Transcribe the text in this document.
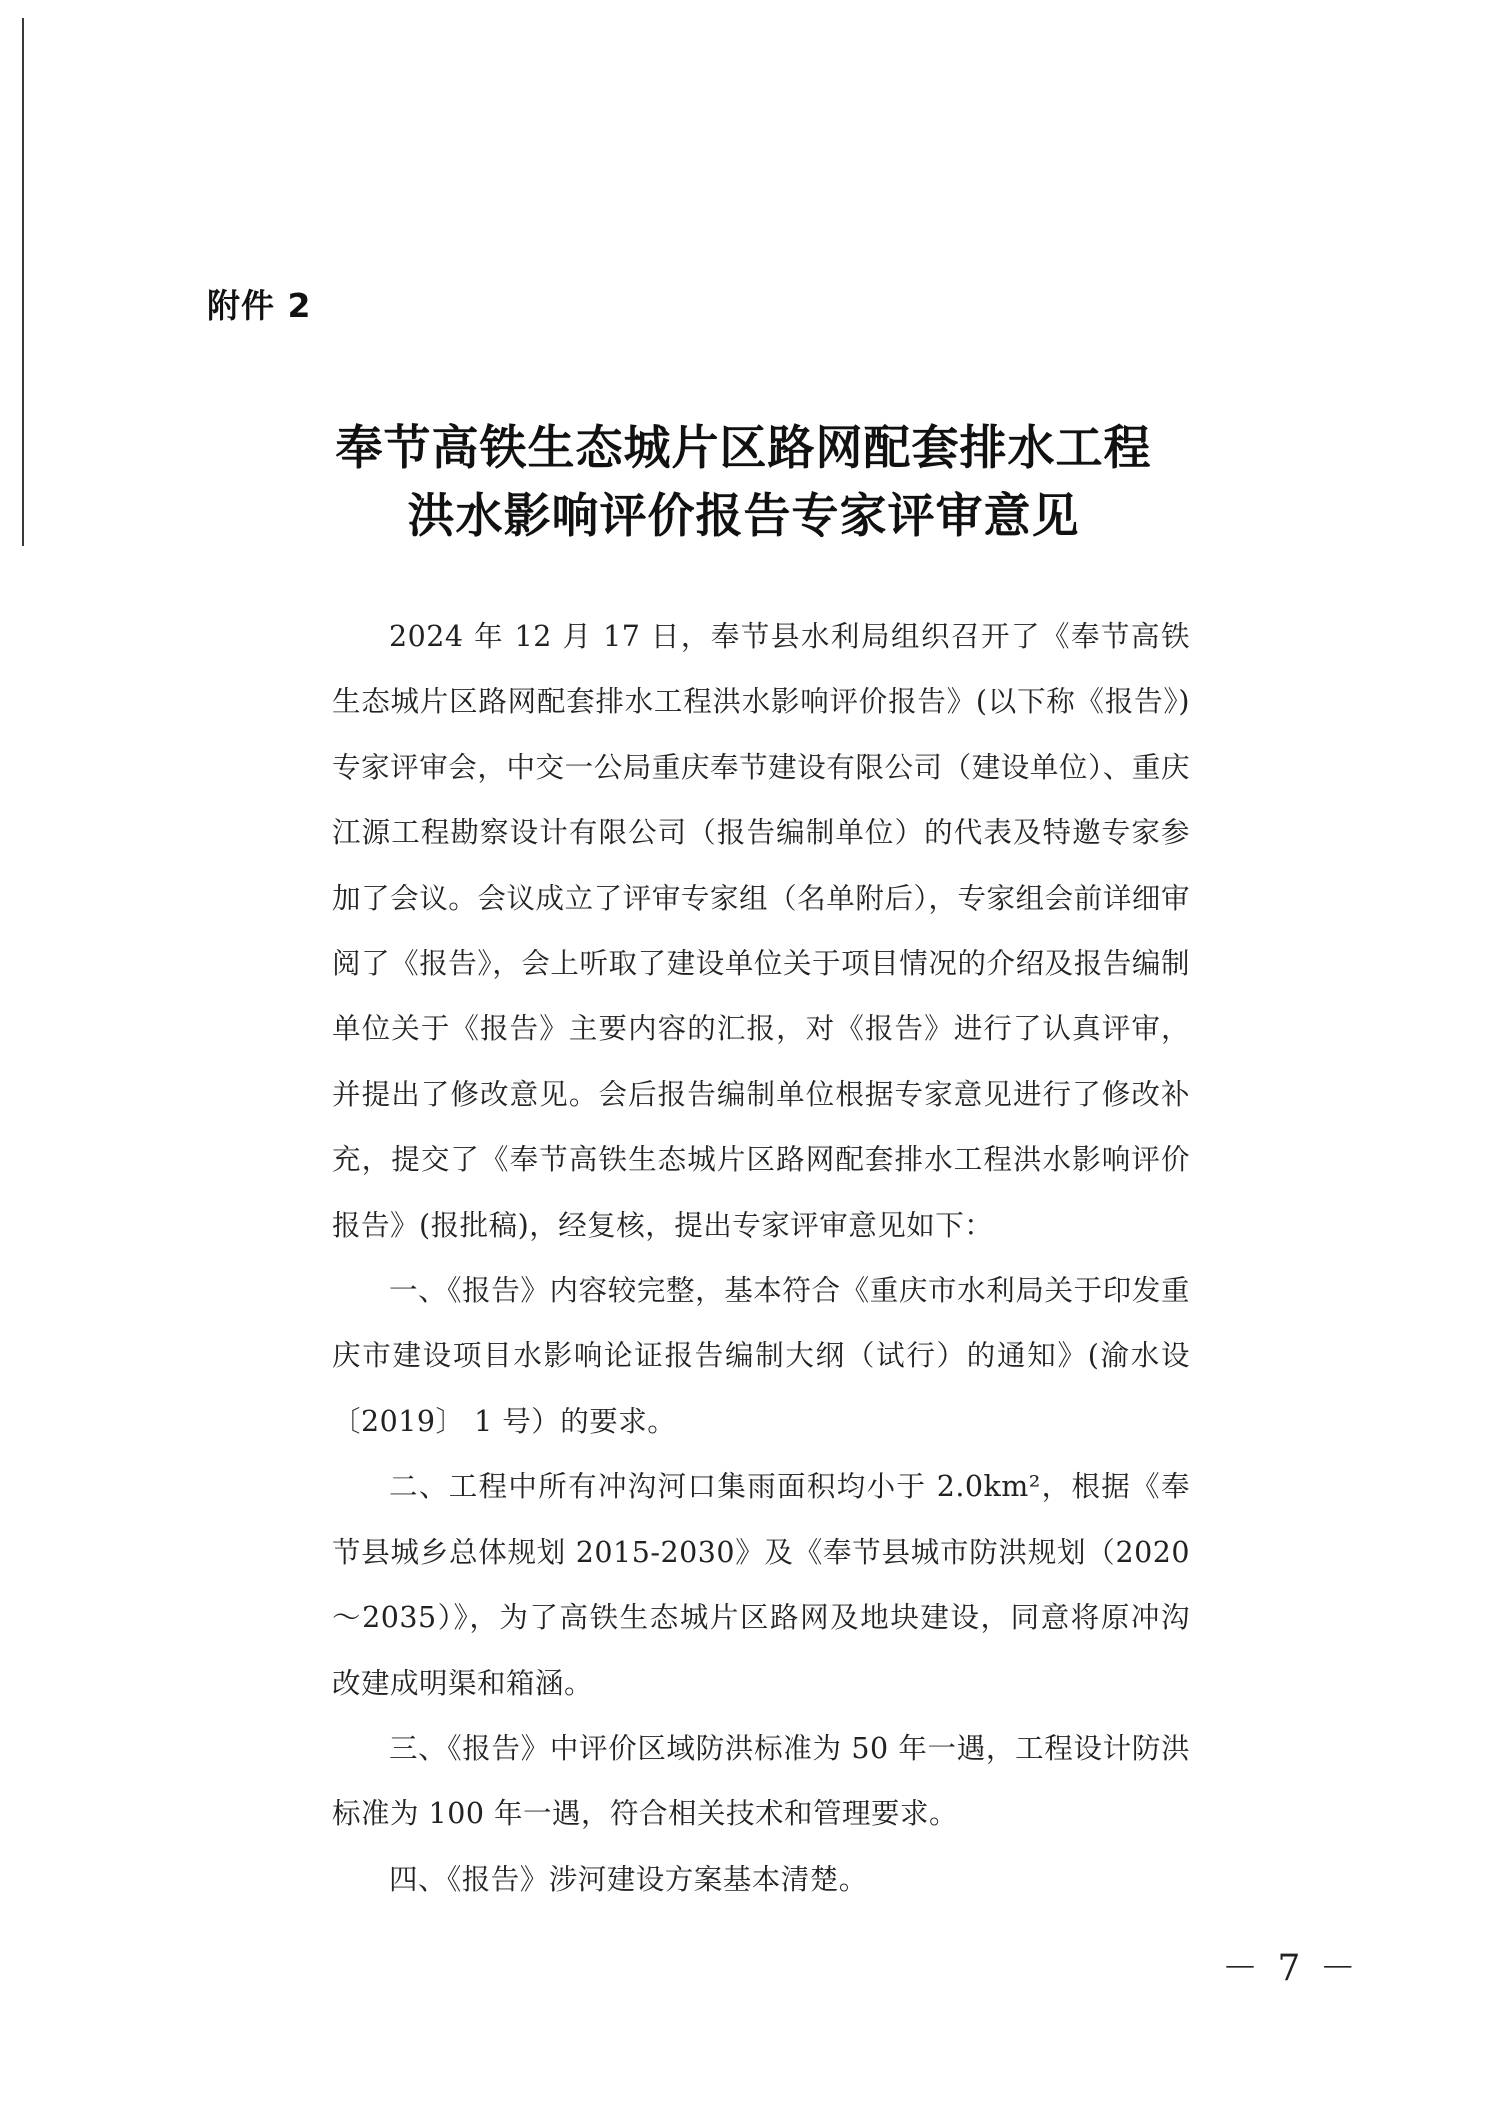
附件 2
奉节高铁生态城片区路网配套排水工程
洪水影响评价报告专家评审意见

2024 年 12 月 17 日，奉节县水利局组织召开了《奉节高铁生态城片区路网配套排水工程洪水影响评价报告》(以下称《报告》)专家评审会，中交一公局重庆奉节建设有限公司（建设单位）、重庆江源工程勘察设计有限公司（报告编制单位）的代表及特邀专家参加了会议。会议成立了评审专家组（名单附后），专家组会前详细审阅了《报告》，会上听取了建设单位关于项目情况的介绍及报告编制单位关于《报告》主要内容的汇报，对《报告》进行了认真评审，并提出了修改意见。会后报告编制单位根据专家意见进行了修改补充，提交了《奉节高铁生态城片区路网配套排水工程洪水影响评价报告》(报批稿)，经复核，提出专家评审意见如下：

一、《报告》内容较完整，基本符合《重庆市水利局关于印发重庆市建设项目水影响论证报告编制大纲（试行）的通知》(渝水设〔2019〕 1 号）的要求。

二、工程中所有冲沟河口集雨面积均小于 2.0km²，根据《奉节县城乡总体规划 2015-2030》及《奉节县城市防洪规划（2020～2035）》，为了高铁生态城片区路网及地块建设，同意将原冲沟改建成明渠和箱涵。

三、《报告》中评价区域防洪标准为 50 年一遇，工程设计防洪标准为 100 年一遇，符合相关技术和管理要求。

四、《报告》涉河建设方案基本清楚。

－ 7 －
